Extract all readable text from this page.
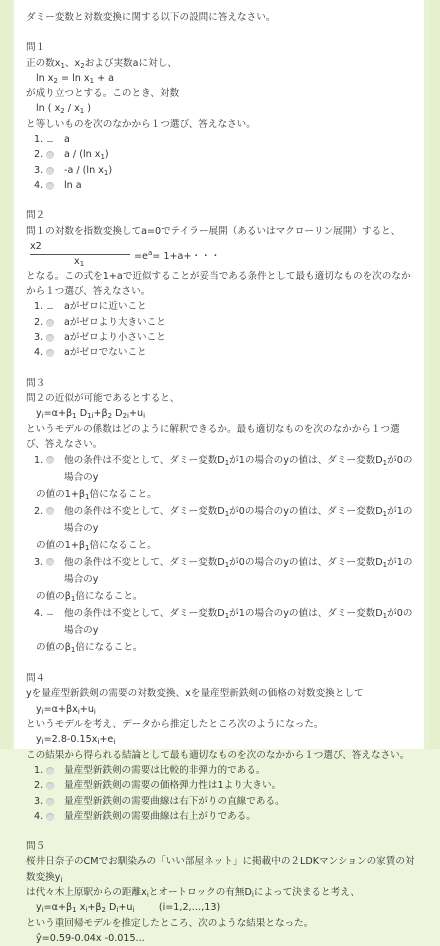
ダミー変数と対数変換に関する以下の設問に答えなさい。

問１

正の数$x_1$、$x_2$および実数aに対し、

$\ln x_2 = \ln x_1 + a$

が成り立つとする。このとき、対数

ln ( $x_2 / x_1$ )

と等しいものを次のなかから１つ選び、答えなさい。

1. a
2. a / (ln $x_1$)
3. -a / (ln $x_1$)
4. ln a

問２

問１の対数を指数変換してa=0でテイラー展開（あるいはマクローリン展開）すると、

x2
$x_1$
$=e^a= 1+a+$・・・

となる。この式を1+aで近似することが妥当である条件として最も適切なものを次のなかから１つ選び、答えなさい。

1. aがゼロに近いこと
2. aがゼロより大きいこと
3. aがゼロより小さいこと
4. aがゼロでないこと

問３

問２の近似が可能であるとすると、

$y_i=\alpha+\beta_1$ $D_{1i}+\beta_2$ $D_{2i}+u_i$

というモデルの係数はどのように解釈できるか。最も適切なものを次のなかから１つ選び、答えなさい。

1. 他の条件は不変として、ダミー変数$D_1$が1の場合のyの値は、ダミー変数$D_1$が0の場合のy
の値の$1+\beta_1$倍になること。
2. 他の条件は不変として、ダミー変数$D_1$が0の場合のyの値は、ダミー変数$D_1$が1の場合のy
の値の$1+\beta_1$倍になること。
3. 他の条件は不変として、ダミー変数$D_1$が0の場合のyの値は、ダミー変数$D_1$が1の場合のy
の値の$\beta_1$倍になること。
4. 他の条件は不変として、ダミー変数$D_1$が1の場合のyの値は、ダミー変数$D_1$が0の場合のy
の値の$\beta_1$倍になること。

問４

yを量産型新鉄剣の需要の対数変換、xを量産型新鉄剣の価格の対数変換として

$y_i=\alpha+\beta x_i+u_i$

というモデルを考え、データから推定したところ次のようになった。

$y_i=2.8-0.15x_i+e_i$

この結果から得られる結論として最も適切なものを次のなかから１つ選び、答えなさい。

1. 量産型新鉄剣の需要は比較的非弾力的である。
2. 量産型新鉄剣の需要の価格弾力性は1より大きい。
3. 量産型新鉄剣の需要曲線は右下がりの直線である。
4. 量産型新鉄剣の需要曲線は右上がりである。

問５

桜井日奈子のCMでお馴染みの「いい部屋ネット」に掲載中の２LDKマンションの家賃の対数変換$y_i$

は代々木上原駅からの距離$x_i$とオートロックの有無$D_i$によって決まると考え、

$y_i=\alpha+\beta_1$ $x_i+\beta_2$ $D_i+u_i$	(i=1,2,…,13)

という重回帰モデルを推定したところ、次のような結果となった。

ŷ=0.59-0.04x -0.015...
